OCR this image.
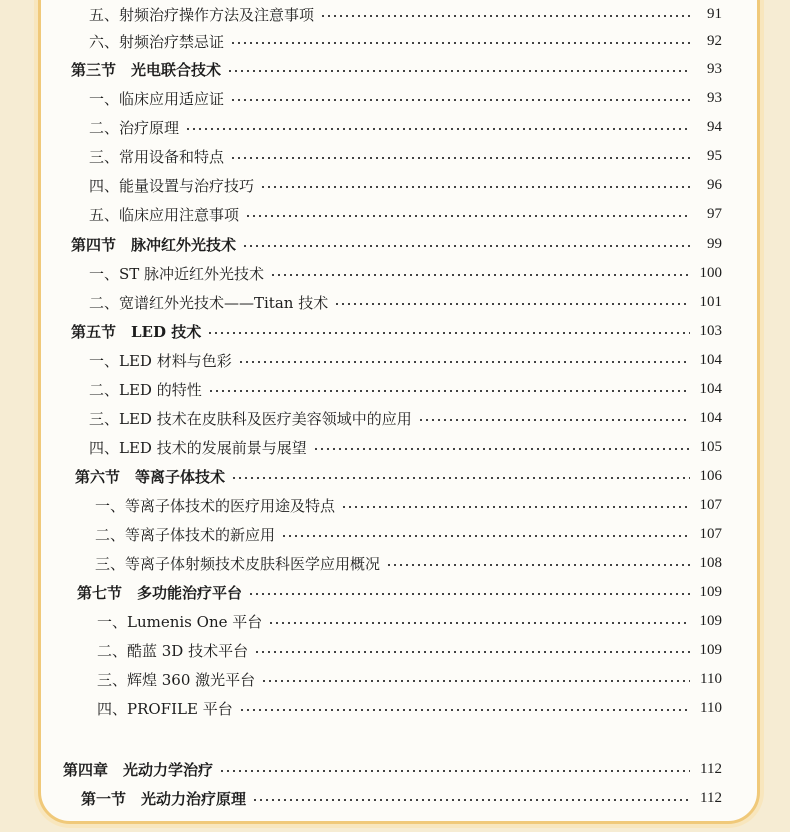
五、射频治疗操作方法及注意事项	91
六、射频治疗禁忌证	92
第三节　光电联合技术	93
一、临床应用适应证	93
二、治疗原理	94
三、常用设备和特点	95
四、能量设置与治疗技巧	96
五、临床应用注意事项	97
第四节　脉冲红外光技术	99
一、ST 脉冲近红外光技术	100
二、宽谱红外光技术——Titan 技术	101
第五节　LED 技术	103
一、LED 材料与色彩	104
二、LED 的特性	104
三、LED 技术在皮肤科及医疗美容领域中的应用	104
四、LED 技术的发展前景与展望	105
第六节　等离子体技术	106
一、等离子体技术的医疗用途及特点	107
二、等离子体技术的新应用	107
三、等离子体射频技术皮肤科医学应用概况	108
第七节　多功能治疗平台	109
一、Lumenis One 平台	109
二、酷蓝 3D 技术平台	109
三、辉煌 360 激光平台	110
四、PROFILE 平台	110
第四章　光动力学治疗	112
第一节　光动力治疗原理	112
